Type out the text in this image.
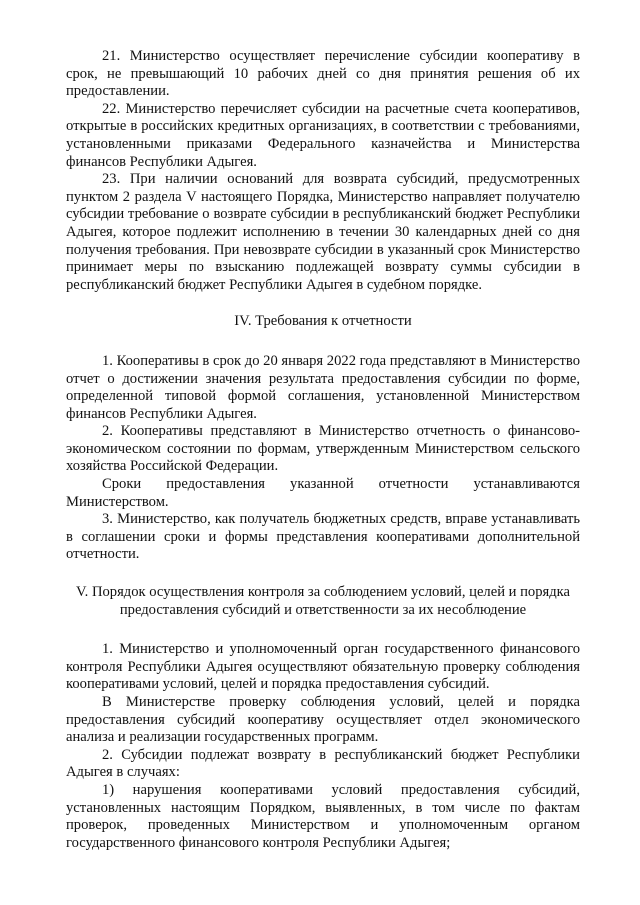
21. Министерство осуществляет перечисление субсидии кооперативу в срок, не превышающий 10 рабочих дней со дня принятия решения об их предоставлении.

22. Министерство перечисляет субсидии на расчетные счета кооперативов, открытые в российских кредитных организациях, в соответствии с требованиями, установленными приказами Федерального казначейства и Министерства финансов Республики Адыгея.

23. При наличии оснований для возврата субсидий, предусмотренных пунктом 2 раздела V настоящего Порядка, Министерство направляет получателю субсидии требование о возврате субсидии в республиканский бюджет Республики Адыгея, которое подлежит исполнению в течении 30 календарных дней со дня получения требования. При невозврате субсидии в указанный срок Министерство принимает меры по взысканию подлежащей возврату суммы субсидии в республиканский бюджет Республики Адыгея в судебном порядке.

IV. Требования к отчетности

1. Кооперативы в срок до 20 января 2022 года представляют в Министерство отчет о достижении значения результата предоставления субсидии по форме, определенной типовой формой соглашения, установленной Министерством финансов Республики Адыгея.

2. Кооперативы представляют в Министерство отчетность о финансово-экономическом состоянии по формам, утвержденным Министерством сельского хозяйства Российской Федерации.

Сроки предоставления указанной отчетности устанавливаются Министерством.

3. Министерство, как получатель бюджетных средств, вправе устанавливать в соглашении сроки и формы представления кооперативами дополнительной отчетности.

V. Порядок осуществления контроля за соблюдением условий, целей и порядка
предоставления субсидий и ответственности за их несоблюдение

1. Министерство и уполномоченный орган государственного финансового контроля Республики Адыгея осуществляют обязательную проверку соблюдения кооперативами условий, целей и порядка предоставления субсидий.

В Министерстве проверку соблюдения условий, целей и порядка предоставления субсидий кооперативу осуществляет отдел экономического анализа и реализации государственных программ.

2. Субсидии подлежат возврату в республиканский бюджет Республики Адыгея в случаях:

1) нарушения кооперативами условий предоставления субсидий, установленных настоящим Порядком, выявленных, в том числе по фактам проверок, проведенных Министерством и уполномоченным органом государственного финансового контроля Республики Адыгея;
